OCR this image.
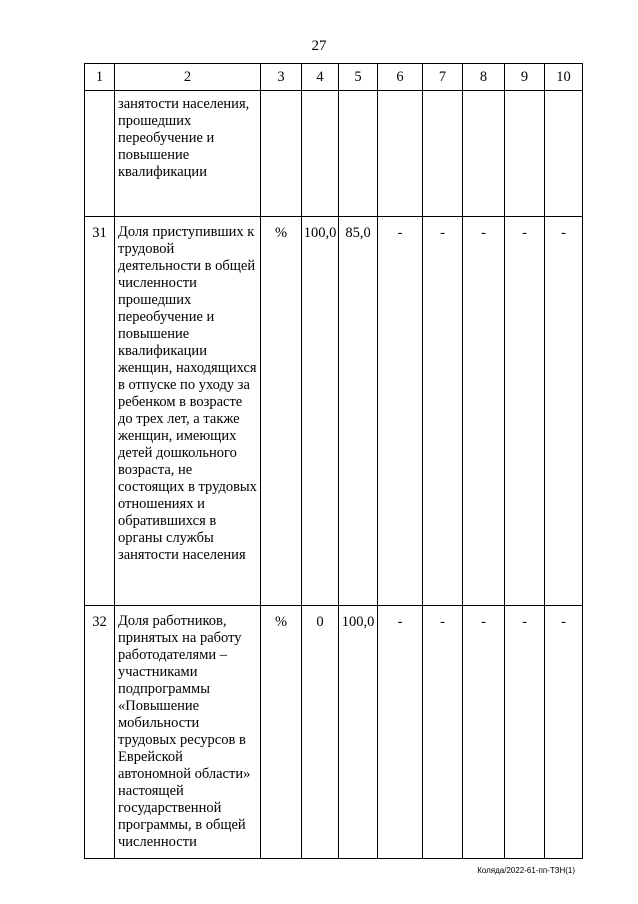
27
1	2	3	4	5	6	7	8	9	10
	занятости населения, прошедших переобучение и повышение квалификации								
31	Доля приступивших к трудовой деятельности в общей численности прошедших переобучение и повышение квалификации женщин, находящихся в отпуске по уходу за ребенком в возрасте до трех лет, а также женщин, имеющих детей дошкольного возраста, не состоящих в трудовых отношениях и обратившихся в органы службы занятости населения	%	100,0	85,0	-	-	-	-	-
32	Доля работников, принятых на работу работодателями – участниками подпрограммы «Повышение мобильности трудовых ресурсов в Еврейской автономной области» настоящей государственной программы, в общей численности	%	0	100,0	-	-	-	-	-
Коляда/2022-61-пп-ТЗН(1)
